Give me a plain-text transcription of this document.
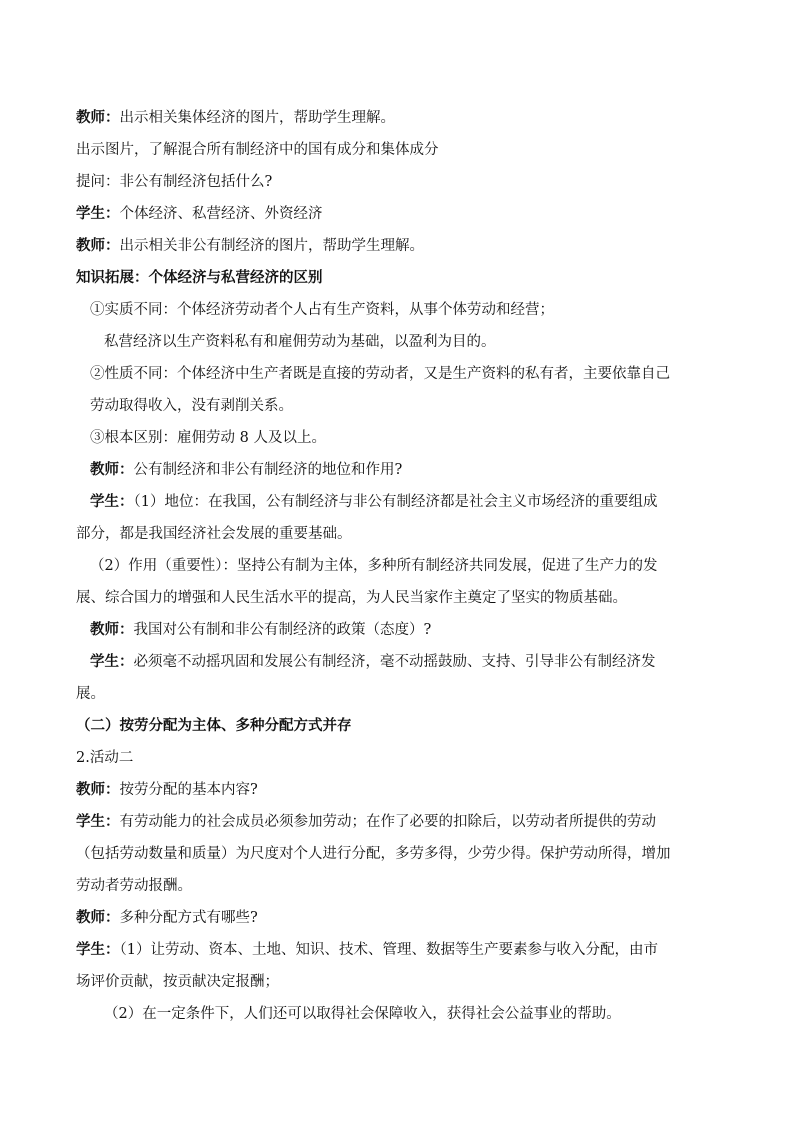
教师：出示相关集体经济的图片，帮助学生理解。
出示图片，了解混合所有制经济中的国有成分和集体成分
提问：非公有制经济包括什么?
学生：个体经济、私营经济、外资经济
教师：出示相关非公有制经济的图片，帮助学生理解。
知识拓展：个体经济与私营经济的区别
①实质不同：个体经济劳动者个人占有生产资料，从事个体劳动和经营；
私营经济以生产资料私有和雇佣劳动为基础，以盈利为目的。
②性质不同：个体经济中生产者既是直接的劳动者，又是生产资料的私有者，主要依靠自己
劳动取得收入，没有剥削关系。
③根本区别：雇佣劳动 8 人及以上。
教师：公有制经济和非公有制经济的地位和作用?
学生：（1）地位：在我国，公有制经济与非公有制经济都是社会主义市场经济的重要组成
部分，都是我国经济社会发展的重要基础。
（2）作用（重要性）：坚持公有制为主体，多种所有制经济共同发展，促进了生产力的发
展、综合国力的增强和人民生活水平的提高，为人民当家作主奠定了坚实的物质基础。
教师：我国对公有制和非公有制经济的政策（态度）?
学生：必须毫不动摇巩固和发展公有制经济，毫不动摇鼓励、支持、引导非公有制经济发
展。
（二）按劳分配为主体、多种分配方式并存
2.活动二
教师：按劳分配的基本内容?
学生：有劳动能力的社会成员必须参加劳动；在作了必要的扣除后，以劳动者所提供的劳动
（包括劳动数量和质量）为尺度对个人进行分配，多劳多得，少劳少得。保护劳动所得，增加
劳动者劳动报酬。
教师：多种分配方式有哪些?
学生：（1）让劳动、资本、土地、知识、技术、管理、数据等生产要素参与收入分配，由市
场评价贡献，按贡献决定报酬；
（2）在一定条件下，人们还可以取得社会保障收入，获得社会公益事业的帮助。
